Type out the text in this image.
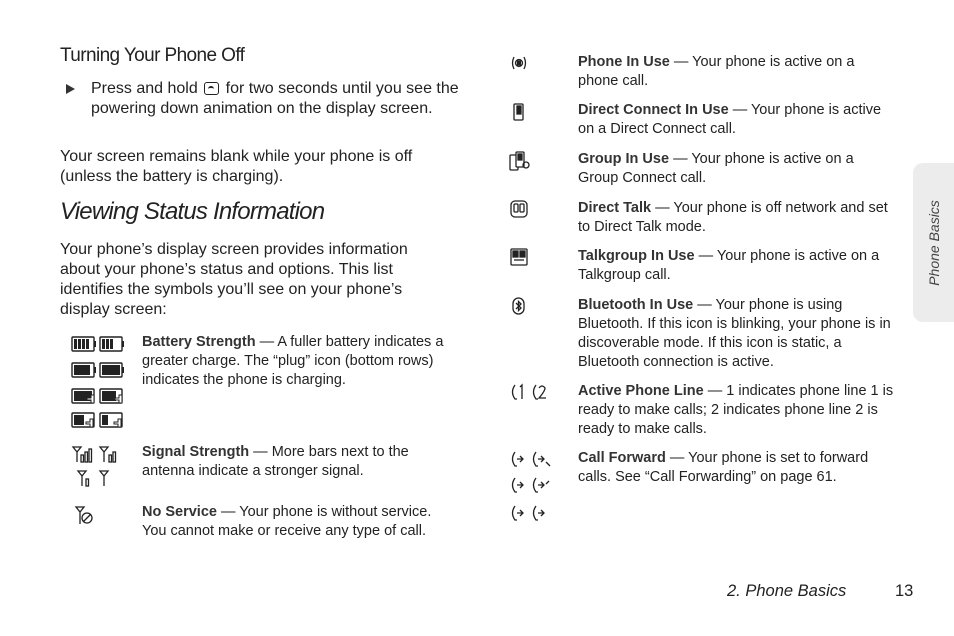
Turning Your Phone Off
Press and hold  for two seconds until you see the powering down animation on the display screen.
Your screen remains blank while your phone is off (unless the battery is charging).
Viewing Status Information
Your phone’s display screen provides information about your phone’s status and options. This list identifies the symbols you’ll see on your phone’s display screen:
Battery Strength — A fuller battery indicates a greater charge. The “plug” icon (bottom rows) indicates the phone is charging.
Signal Strength — More bars next to the antenna indicate a stronger signal.
No Service — Your phone is without service. You cannot make or receive any type of call.
Phone In Use — Your phone is active on a phone call.
Direct Connect In Use — Your phone is active on a Direct Connect call.
Group In Use — Your phone is active on a Group Connect call.
Direct Talk — Your phone is off network and set to Direct Talk mode.
Talkgroup In Use — Your phone is active on a Talkgroup call.
Bluetooth In Use — Your phone is using Bluetooth. If this icon is blinking, your phone is in discoverable mode. If this icon is static, a Bluetooth connection is active.
Active Phone Line — 1 indicates phone line 1 is ready to make calls; 2 indicates phone line 2 is ready to make calls.
Call Forward — Your phone is set to forward calls. See “Call Forwarding” on page 61.
Phone Basics
2. Phone Basics	13
